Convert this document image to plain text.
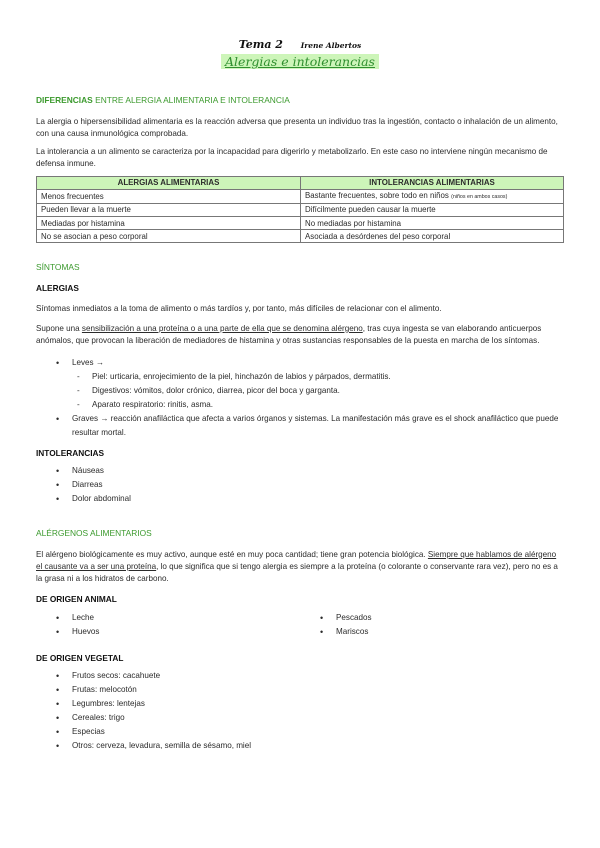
Tema 2 Irene Albertos
Alergias e intolerancias
DIFERENCIAS ENTRE ALERGIA ALIMENTARIA E INTOLERANCIA

La alergia o hipersensibilidad alimentaria es la reacción adversa que presenta un individuo tras la ingestión, contacto o inhalación de un alimento, con una causa inmunológica comprobada.

La intolerancia a un alimento se caracteriza por la incapacidad para digerirlo y metabolizarlo. En este caso no interviene ningún mecanismo de defensa inmune.

ALERGIAS ALIMENTARIAS	INTOLERANCIAS ALIMENTARIAS
Menos frecuentes	Bastante frecuentes, sobre todo en niños (niños en ambos casos)
Pueden llevar a la muerte	Difícilmente pueden causar la muerte
Mediadas por histamina	No mediadas por histamina
No se asocian a peso corporal	Asociada a desórdenes del peso corporal
SÍNTOMAS
ALERGIAS

Síntomas inmediatos a la toma de alimento o más tardíos y, por tanto, más difíciles de relacionar con el alimento.

Supone una sensibilización a una proteína o a una parte de ella que se denomina alérgeno, tras cuya ingesta se van elaborando anticuerpos anómalos, que provocan la liberación de mediadores de histamina y otras sustancias responsables de la puesta en marcha de los síntomas.

• Leves →
- Piel: urticaria, enrojecimiento de la piel, hinchazón de labios y párpados, dermatitis.
- Digestivos: vómitos, dolor crónico, diarrea, picor del boca y garganta.
- Aparato respiratorio: rinitis, asma.
• Graves → reacción anafiláctica que afecta a varios órganos y sistemas. La manifestación más grave es el shock anafiláctico que puede resultar mortal.
INTOLERANCIAS
• Náuseas
• Diarreas
• Dolor abdominal
ALÉRGENOS ALIMENTARIOS

El alérgeno biológicamente es muy activo, aunque esté en muy poca cantidad; tiene gran potencia biológica. Siempre que hablamos de alérgeno el causante va a ser una proteína, lo que significa que si tengo alergia es siempre a la proteína (o colorante o conservante rara vez), pero no es a la grasa ni a los hidratos de carbono.

DE ORIGEN ANIMAL
• Leche
• Huevos
• Pescados
• Mariscos
DE ORIGEN VEGETAL
• Frutos secos: cacahuete
• Frutas: melocotón
• Legumbres: lentejas
• Cereales: trigo
• Especias
• Otros: cerveza, levadura, semilla de sésamo, miel
